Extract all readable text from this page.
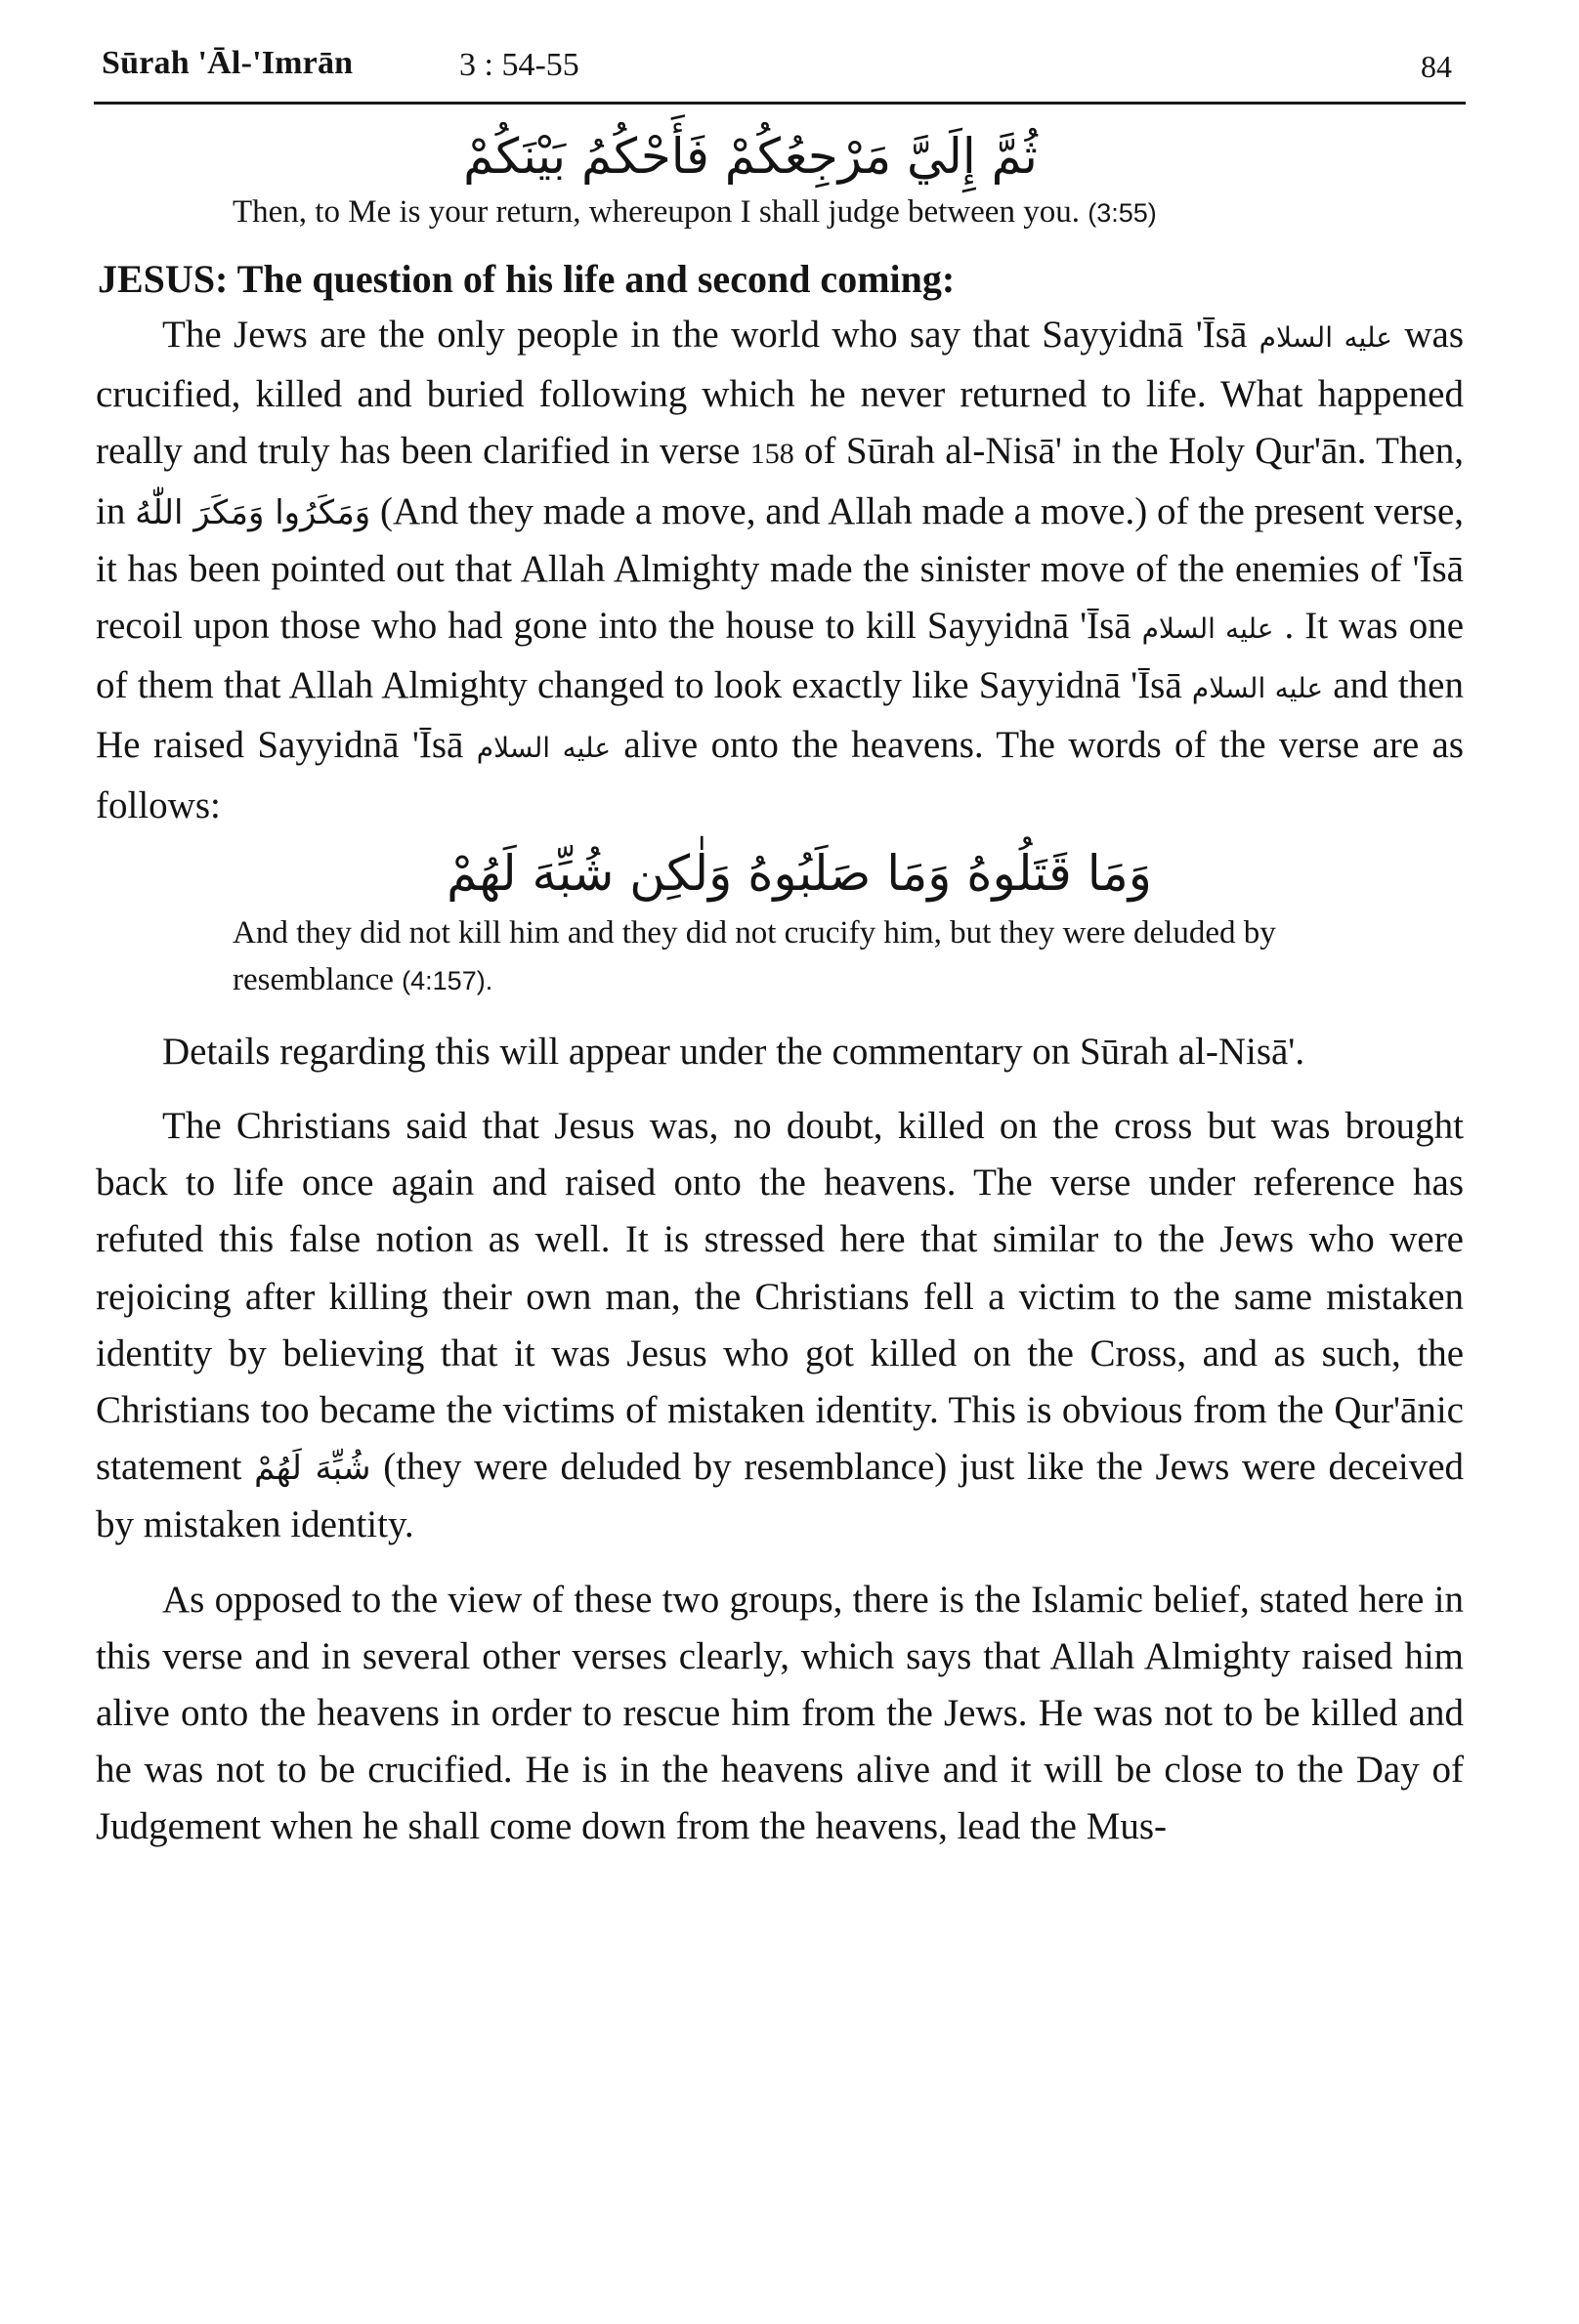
Sūrah 'Āl-'Imrān	3 : 54-55	84
ثُمَّ إِلَيَّ مَرْجِعُكُمْ فَأَحْكُمُ بَيْنَكُمْ
Then, to Me is your return, whereupon I shall judge between you. (3:55)
JESUS: The question of his life and second coming:

The Jews are the only people in the world who say that Sayyidnā 'Īsā عليه السلام was crucified, killed and buried following which he never returned to life. What happened really and truly has been clarified in verse 158 of Sūrah al-Nisā' in the Holy Qur'ān. Then, in وَمَكَرُوا وَمَكَرَ اللّٰهُ (And they made a move, and Allah made a move.) of the present verse, it has been pointed out that Allah Almighty made the sinister move of the enemies of 'Īsā recoil upon those who had gone into the house to kill Sayyidnā 'Īsā عليه السلام . It was one of them that Allah Almighty changed to look exactly like Sayyidnā 'Īsā عليه السلام and then He raised Sayyidnā 'Īsā عليه السلام alive onto the heavens. The words of the verse are as follows:

وَمَا قَتَلُوهُ وَمَا صَلَبُوهُ وَلٰكِن شُبِّهَ لَهُمْ
And they did not kill him and they did not crucify him, but they were deluded by resemblance (4:157).

Details regarding this will appear under the commentary on Sūrah al-Nisā'.

The Christians said that Jesus was, no doubt, killed on the cross but was brought back to life once again and raised onto the heavens. The verse under reference has refuted this false notion as well. It is stressed here that similar to the Jews who were rejoicing after killing their own man, the Christians fell a victim to the same mistaken identity by believing that it was Jesus who got killed on the Cross, and as such, the Christians too became the victims of mistaken identity. This is obvious from the Qur'ānic statement شُبِّهَ لَهُمْ (they were deluded by resemblance) just like the Jews were deceived by mistaken identity.

As opposed to the view of these two groups, there is the Islamic belief, stated here in this verse and in several other verses clearly, which says that Allah Almighty raised him alive onto the heavens in order to rescue him from the Jews. He was not to be killed and he was not to be crucified. He is in the heavens alive and it will be close to the Day of Judgement when he shall come down from the heavens, lead the Mus-
